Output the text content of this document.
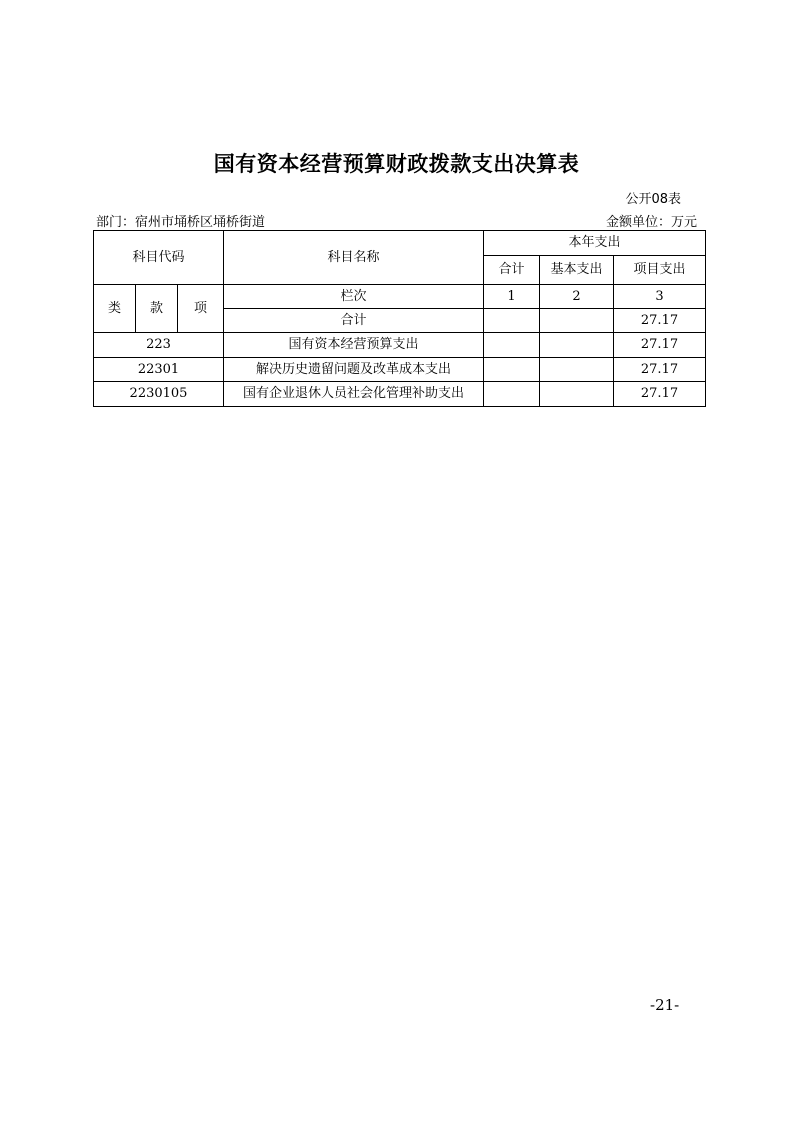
国有资本经营预算财政拨款支出决算表
公开08表
部门：宿州市埇桥区埇桥街道	金额单位：万元
科目代码			科目名称	本年支出		
				合计	基本支出	项目支出
类	款	项	栏次	1	2	3
			合计			27.17
223			国有资本经营预算支出			27.17
22301			解决历史遗留问题及改革成本支出			27.17
2230105			国有企业退休人员社会化管理补助支出			27.17
-21-
